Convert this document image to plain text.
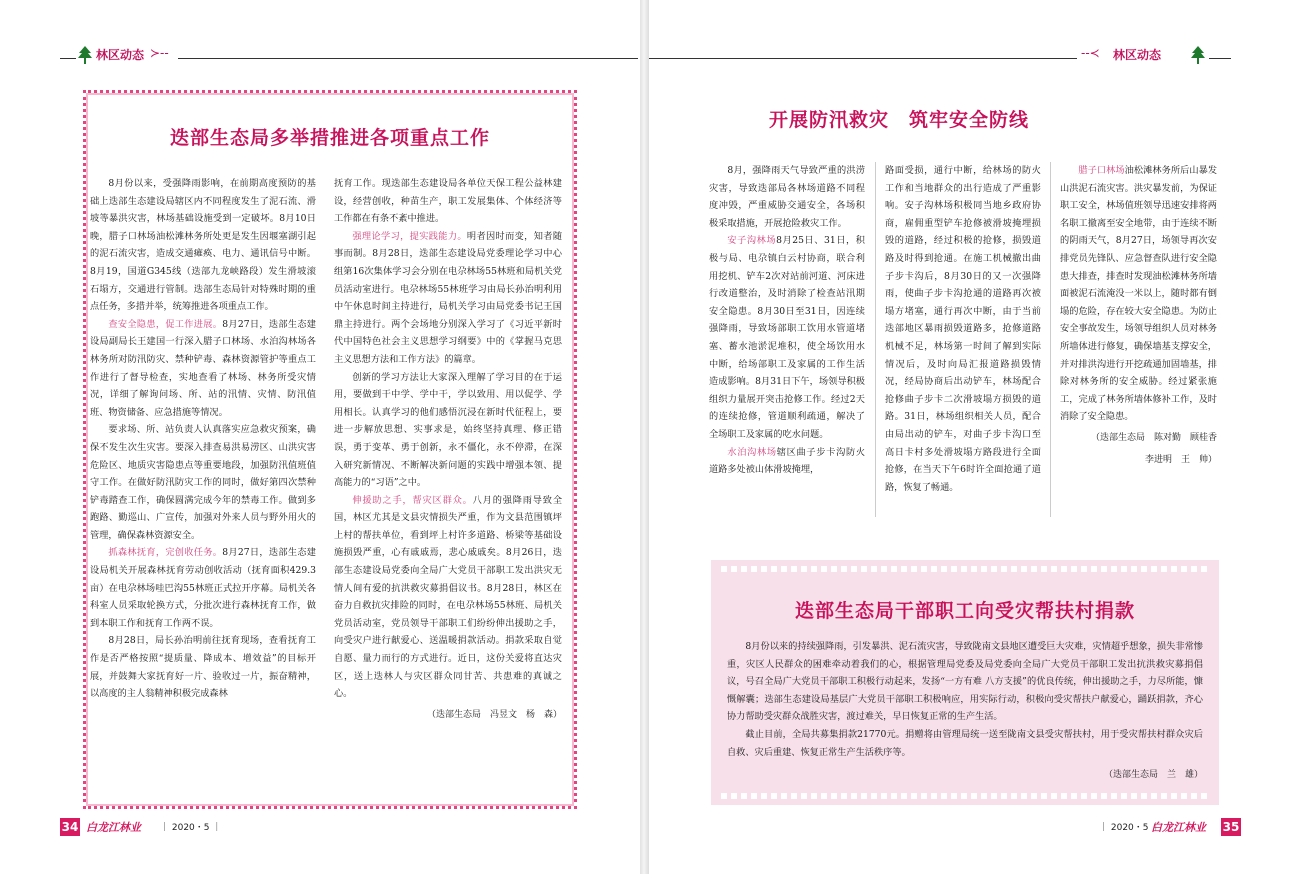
林区动态 ≻-‐
迭部生态局多举措推进各项重点工作

8月份以来，受强降雨影响，在前期高度预防的基础上迭部生态建设局辖区内不同程度发生了泥石流、滑坡等暴洪灾害，林场基础设施受到一定破坏。8月10日晚，腊子口林场油松滩林务所处更是发生因堰塞湖引起的泥石流灾害，造成交通瘫痪、电力、通讯信号中断。8月19，国道G345线（迭部九龙峡路段）发生滑坡滚石塌方，交通进行管制。迭部生态局针对特殊时期的重点任务，多措并举，统筹推进各项重点工作。

查安全隐患，促工作进展。8月27日，迭部生态建设局副局长王建国一行深入腊子口林场、水泊沟林场各林务所对防汛防灾、禁种铲毒、森林资源管护等重点工作进行了督导检查，实地查看了林场、林务所受灾情况，详细了解询问场、所、站的汛情、灾情、防汛值班、物资储备、应急措施等情况。

要求场、所、站负责人认真落实应急救灾预案，确保不发生次生灾害。要深入排查易洪易涝区、山洪灾害危险区、地质灾害隐患点等重要地段，加强防汛值班值守工作。在做好防汛防灾工作的同时，做好第四次禁种铲毒踏查工作，确保圆满完成今年的禁毒工作。做到多跑路、勤巡山、广宣传，加强对外来人员与野外用火的管理，确保森林资源安全。

抓森林抚育，完创收任务。8月27日，迭部生态建设局机关开展森林抚育劳动创收活动（抚育面积429.3亩）在电尕林场哇巴沟55林班正式拉开序幕。局机关各科室人员采取轮换方式，分批次进行森林抚育工作，做到本职工作和抚育工作两不误。

8月28日，局长孙治明前往抚育现场，查看抚育工作是否严格按照“提质量、降成本、增效益”的目标开展，并鼓舞大家抚育好一片、验收过一片，振奋精神，以高度的主人翁精神积极完成森林

抚育工作。现迭部生态建设局各单位天保工程公益林建设，经营创收，种苗生产，职工发展集体、个体经济等工作都在有条不紊中推进。

强理论学习，提实践能力。明者因时而变，知者随事而制。8月28日，迭部生态建设局党委理论学习中心组第16次集体学习会分别在电尕林场55林班和局机关党员活动室进行。电尕林场55林班学习由局长孙治明利用中午休息时间主持进行，局机关学习由局党委书记王国鼎主持进行。两个会场地分别深入学习了《习近平新时代中国特色社会主义思想学习纲要》中的《掌握马克思主义思想方法和工作方法》的篇章。

创新的学习方法让大家深入理解了学习目的在于运用，要做到干中学、学中干，学以致用、用以促学、学用相长。认真学习的他们感悟沉浸在新时代征程上，要进一步解放思想、实事求是，始终坚持真理、修正错误，勇于变革、勇于创新，永不僵化，永不停滞，在深入研究新情况、不断解决新问题的实践中增强本领、提高能力的“习语”之中。

伸援助之手，帮灾区群众。八月的强降雨导致全国，林区尤其是文县灾情损失严重，作为文县范围镇坪上村的帮扶单位，看到坪上村许多道路、桥梁等基础设施损毁严重，心有戚戚焉，悲心戚戚矣。8月26日，迭部生态建设局党委向全局广大党员干部职工发出洪灾无情人间有爱的抗洪救灾募捐倡议书。8月28日，林区在奋力自救抗灾排险的同时，在电尕林场55林班、局机关党员活动室，党员领导干部职工们纷纷伸出援助之手，向受灾户进行献爱心、送温暖捐款活动。捐款采取自觉自愿、量力而行的方式进行。近日，这份关爱将直达灾区，送上迭林人与灾区群众同甘苦、共患难的真诚之心。

（迭部生态局　冯昱文　杨　森）
34 白龙江林业 ｜ 2020・5 ｜
‐-≺ 林区动态
开展防汛救灾　筑牢安全防线

8月，强降雨天气导致严重的洪涝灾害，导致迭部局各林场道路不同程度冲毁，严重威胁交通安全，各场积极采取措施，开展抢险救灾工作。

安子沟林场8月25日、31日，积极与局、电尕镇白云村协商，联合利用挖机、铲车2次对站前河道、河床进行改道整治，及时消除了检查站汛期安全隐患。8月30日至31日，因连续强降雨，导致场部职工饮用水管道堵塞、蓄水池淤泥堆积，使全场饮用水中断，给场部职工及家属的工作生活造成影响。8月31日下午，场领导积极组织力量展开突击抢修工作。经过2天的连续抢修，管道顺利疏通，解决了全场职工及家属的吃水问题。

水泊沟林场辖区曲子步卡沟防火道路多处被山体滑坡掩埋，

路面受损，通行中断，给林场的防火工作和当地群众的出行造成了严重影响。安子沟林场积极同当地乡政府协商，雇佣重型铲车抢修被滑坡掩埋损毁的道路，经过积极的抢修，损毁道路及时得到抢通。在施工机械撤出曲子步卡沟后，8月30日的又一次强降雨，使曲子步卡沟抢通的道路再次被塌方堵塞，通行再次中断，由于当前迭部地区暴雨损毁道路多，抢修道路机械不足，林场第一时间了解到实际情况后，及时向局汇报道路损毁情况，经局协商后出动铲车，林场配合抢修曲子步卡二次滑坡塌方损毁的道路。31日，林场组织相关人员，配合由局出动的铲车，对曲子步卡沟口至高日卡村多处滑坡塌方路段进行全面抢修，在当天下午6时许全面抢通了道路，恢复了畅通。

腊子口林场油松滩林务所后山暴发山洪泥石流灾害。洪灾暴发前，为保证职工安全，林场值班领导迅速安排将两名职工撤离至安全地带，由于连续不断的阴雨天气，8月27日，场领导再次安排党员先锋队、应急督查队进行安全隐患大排查，排查时发现油松滩林务所墙面被泥石流淹没一米以上，随时都有倒塌的危险，存在较大安全隐患。为防止安全事故发生，场领导组织人员对林务所墙体进行修复，确保墙基支撑安全，并对排洪沟进行开挖疏通加固墙基，排除对林务所的安全威胁。经过紧张施工，完成了林务所墙体修补工作，及时消除了安全隐患。

（迭部生态局　陈对勤　顾桂香
李进明　王　帅）
迭部生态局干部职工向受灾帮扶村捐款

8月份以来的持续强降雨，引发暴洪、泥石流灾害，导致陇南文县地区遭受巨大灾难，灾情超乎想象，损失非常惨重，灾区人民群众的困难牵动着我们的心，根据管理局党委及局党委向全局广大党员干部职工发出抗洪救灾募捐倡议，号召全局广大党员干部职工积极行动起来，发扬“一方有难 八方支援”的优良传统，伸出援助之手，力尽所能，慷慨解囊；迭部生态建设局基层广大党员干部职工积极响应，用实际行动，积极向受灾帮扶户献爱心，踊跃捐款，齐心协力帮助受灾群众战胜灾害，渡过难关，早日恢复正常的生产生活。

截止目前，全局共募集捐款21770元。捐赠将由管理局统一送至陇南文县受灾帮扶村，用于受灾帮扶村群众灾后自救、灾后重建、恢复正常生产生活秩序等。

（迭部生态局　兰　雄）
｜ 2020・5 ｜
白龙江林业 35
